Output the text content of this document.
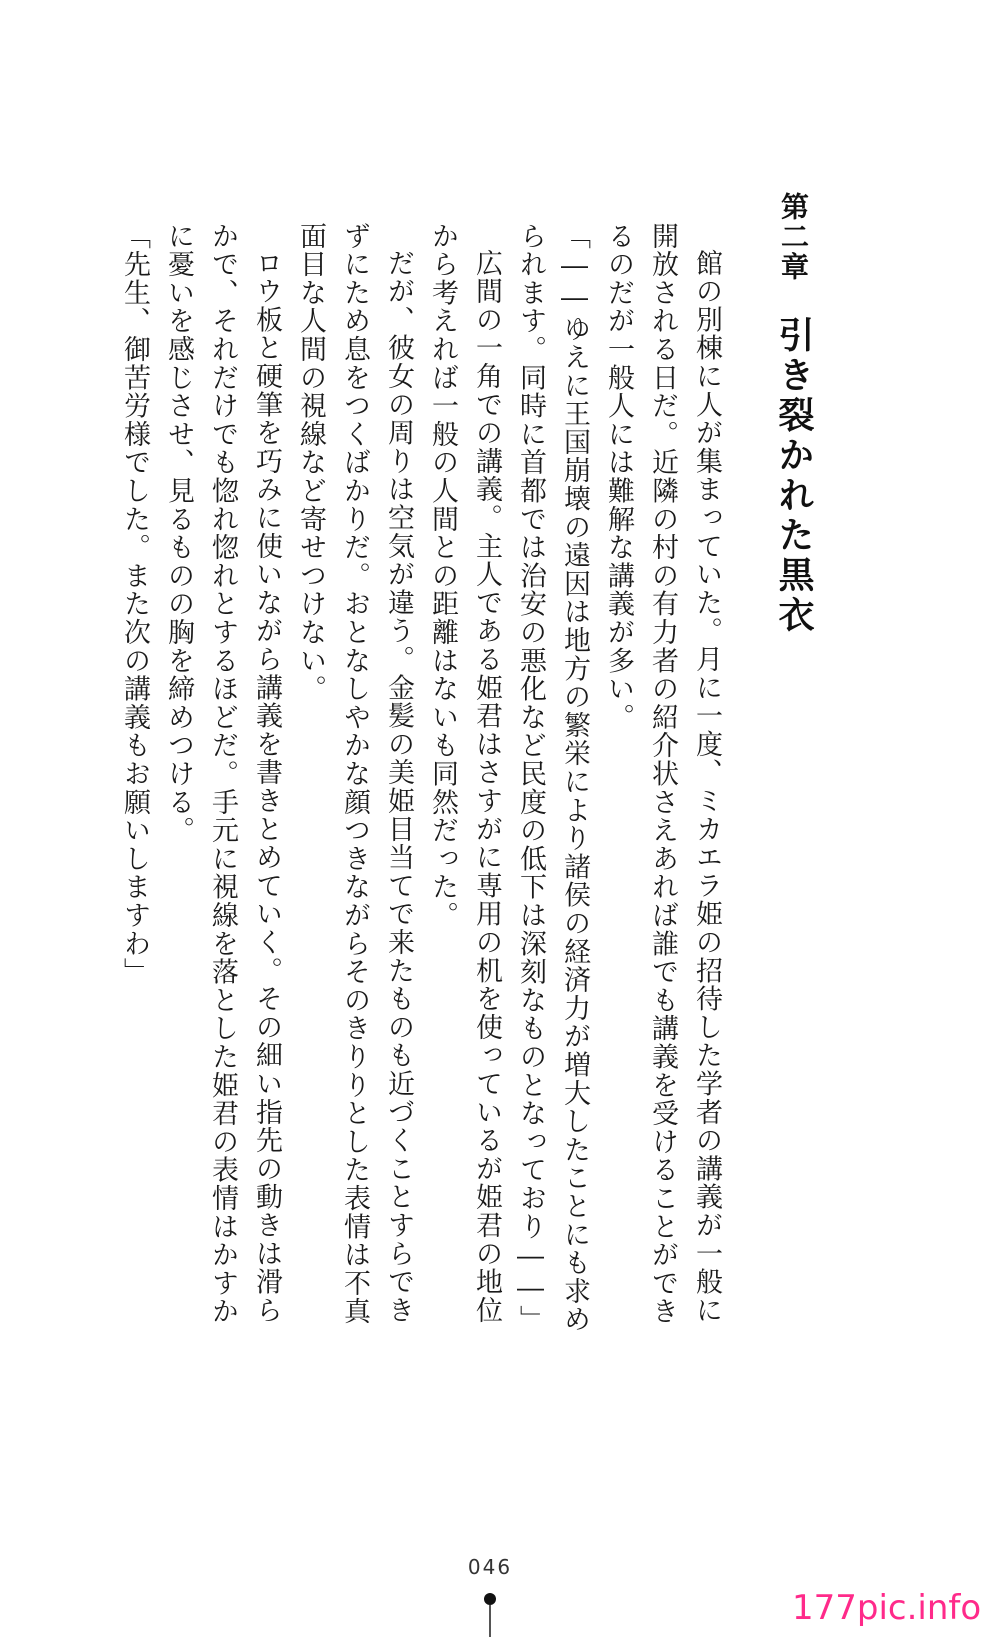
第二章引き裂かれた黒衣

館の別棟に人が集まっていた。月に一度、ミカエラ姫の招待した学者の講義が一般に開放される日だ。近隣の村の有力者の紹介状さえあれば誰でも講義を受けることができるのだが一般人には難解な講義が多い。

「――ゆえに王国崩壊の遠因は地方の繁栄により諸侯の経済力が増大したことにも求められます。同時に首都では治安の悪化など民度の低下は深刻なものとなっており――」

広間の一角での講義。主人である姫君はさすがに専用の机を使っているが姫君の地位から考えれば一般の人間との距離はないも同然だった。

だが、彼女の周りは空気が違う。金髪の美姫目当てで来たものも近づくことすらできずにため息をつくばかりだ。おとなしやかな顔つきながらそのきりりとした表情は不真面目な人間の視線など寄せつけない。

ロウ板と硬筆を巧みに使いながら講義を書きとめていく。その細い指先の動きは滑らかで、それだけでも惚れ惚れとするほどだ。手元に視線を落とした姫君の表情はかすかに憂いを感じさせ、見るものの胸を締めつける。

「先生、御苦労様でした。また次の講義もお願いしますわ」

046
177pic.info
